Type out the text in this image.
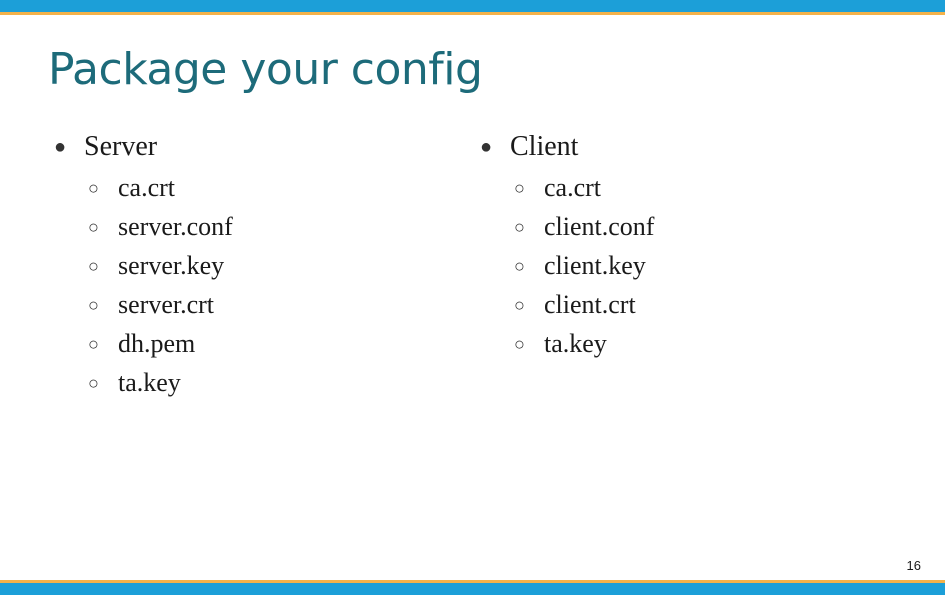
Package your config
● Server
○ ca.crt
○ server.conf
○ server.key
○ server.crt
○ dh.pem
○ ta.key
● Client
○ ca.crt
○ client.conf
○ client.key
○ client.crt
○ ta.key
16
